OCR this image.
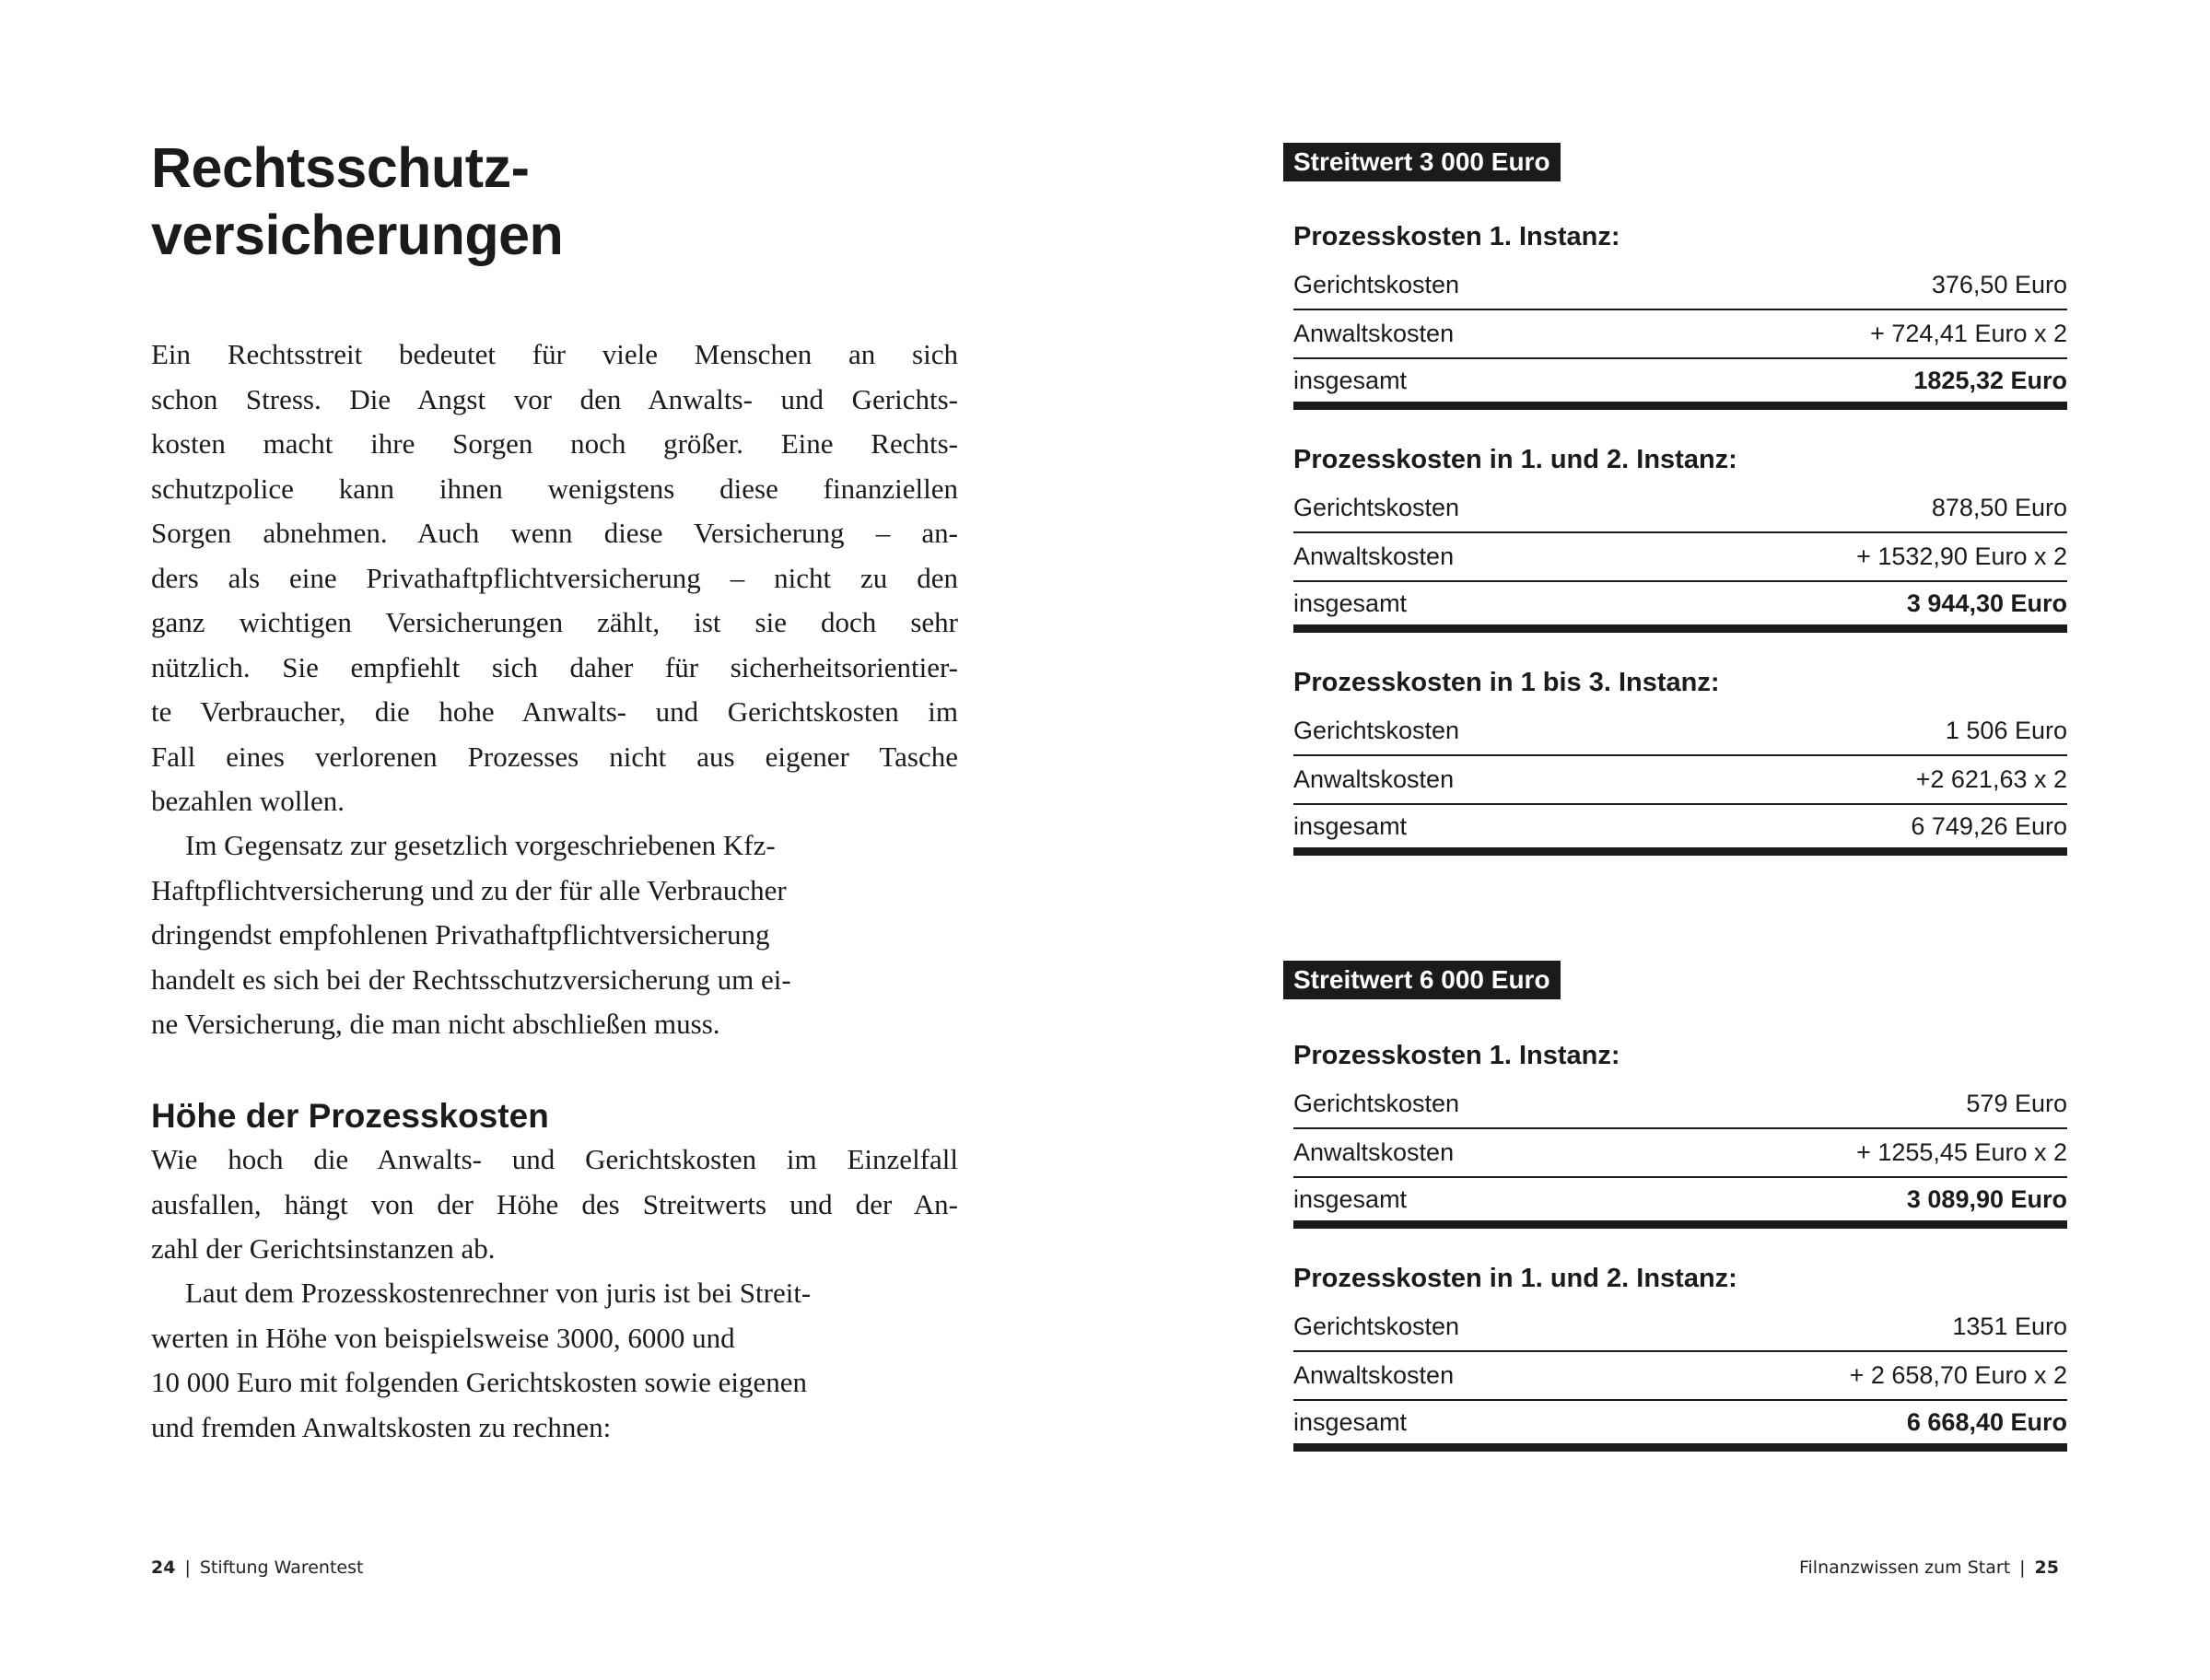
Rechtsschutz-
versicherungen
Ein Rechtsstreit bedeutet für viele Menschen an sich
schon Stress. Die Angst vor den Anwalts- und Gerichts-
kosten macht ihre Sorgen noch größer. Eine Rechts-
schutzpolice kann ihnen wenigstens diese finanziellen
Sorgen abnehmen. Auch wenn diese Versicherung – an-
ders als eine Privathaftpflichtversicherung – nicht zu den
ganz wichtigen Versicherungen zählt, ist sie doch sehr
nützlich. Sie empfiehlt sich daher für sicherheitsorientier-
te Verbraucher, die hohe Anwalts- und Gerichtskosten im
Fall eines verlorenen Prozesses nicht aus eigener Tasche
bezahlen wollen.
Im Gegensatz zur gesetzlich vorgeschriebenen Kfz-
Haftpflichtversicherung und zu der für alle Verbraucher
dringendst empfohlenen Privathaftpflichtversicherung
handelt es sich bei der Rechtsschutzversicherung um ei-
ne Versicherung, die man nicht abschließen muss.
Höhe der Prozesskosten
Wie hoch die Anwalts- und Gerichtskosten im Einzelfall
ausfallen, hängt von der Höhe des Streitwerts und der An-
zahl der Gerichtsinstanzen ab.
Laut dem Prozesskostenrechner von juris ist bei Streit-
werten in Höhe von beispielsweise 3000, 6000 und
10 000 Euro mit folgenden Gerichtskosten sowie eigenen
und fremden Anwaltskosten zu rechnen:
24 | Stiftung Warentest
Streitwert 3 000 Euro
Prozesskosten 1. Instanz:
Gerichtskosten	376,50 Euro
Anwaltskosten	+ 724,41 Euro x 2
insgesamt	1825,32 Euro
Prozesskosten in 1. und 2. Instanz:
Gerichtskosten	878,50 Euro
Anwaltskosten	+ 1532,90 Euro x 2
insgesamt	3 944,30 Euro
Prozesskosten in 1 bis 3. Instanz:
Gerichtskosten	1 506 Euro
Anwaltskosten	+2 621,63 x 2
insgesamt	6 749,26 Euro
Streitwert 6 000 Euro
Prozesskosten 1. Instanz:
Gerichtskosten	579 Euro
Anwaltskosten	+ 1255,45 Euro x 2
insgesamt	3 089,90 Euro
Prozesskosten in 1. und 2. Instanz:
Gerichtskosten	1351 Euro
Anwaltskosten	+ 2 658,70 Euro x 2
insgesamt	6 668,40 Euro
Filnanzwissen zum Start | 25
